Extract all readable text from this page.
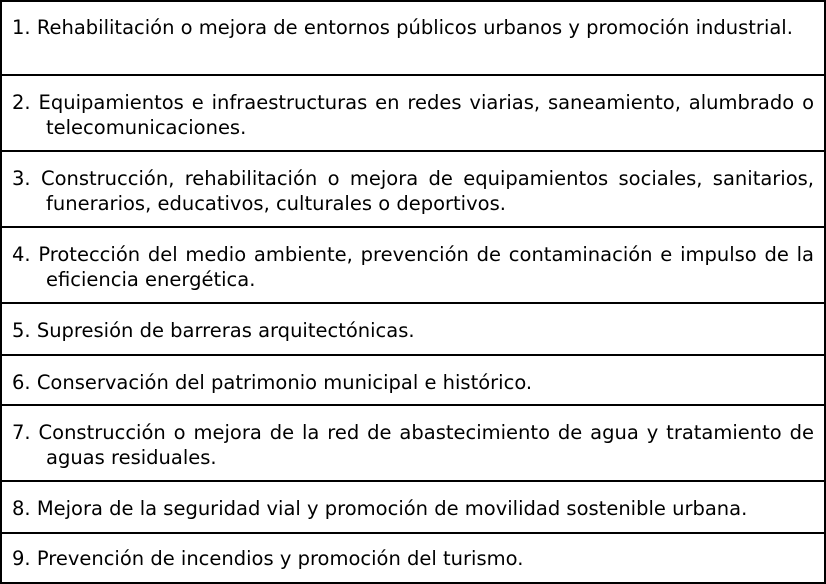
1. Rehabilitación o mejora de entornos públicos urbanos y promoción industrial.
2. Equipamientos e infraestructuras en redes viarias, saneamiento, alumbrado o telecomunicaciones.
3. Construcción, rehabilitación o mejora de equipamientos sociales, sanitarios, funerarios, educativos, culturales o deportivos.
4. Protección del medio ambiente, prevención de contaminación e impulso de la eficiencia energética.
5. Supresión de barreras arquitectónicas.
6. Conservación del patrimonio municipal e histórico.
7. Construcción o mejora de la red de abastecimiento de agua y tratamiento de aguas residuales.
8. Mejora de la seguridad vial y promoción de movilidad sostenible urbana.
9. Prevención de incendios y promoción del turismo.
